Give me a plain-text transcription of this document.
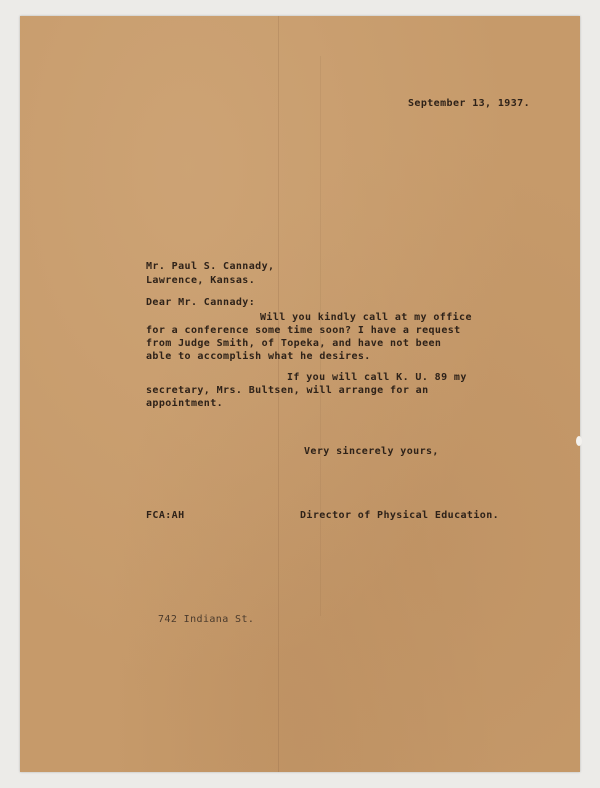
September 13, 1937.

Mr. Paul S. Cannady,

Lawrence, Kansas.

Dear Mr. Cannady:

Will you kindly call at my office

for a conference some time soon? I have a request

from Judge Smith, of Topeka, and have not been

able to accomplish what he desires.

If you will call K. U. 89 my

secretary, Mrs. Bultsen, will arrange for an

appointment.

Very sincerely yours,

FCA:AH	Director of Physical Education.

742 Indiana St.
